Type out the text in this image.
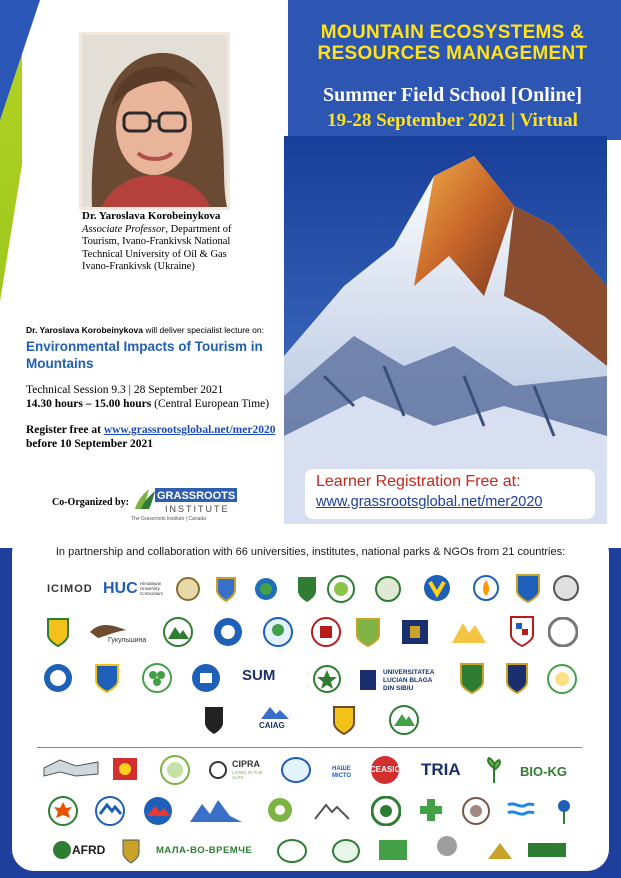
MOUNTAIN ECOSYSTEMS &
RESOURCES MANAGEMENT
Summer Field School [Online]
19-28 September 2021 | Virtual
Dr. Yaroslava Korobeinykova
Associate Professor, Department of
Tourism, Ivano-Frankivsk National
Technical University of Oil & Gas
Ivano-Frankivsk (Ukraine)
Dr. Yaroslava Korobeinykova will deliver specialist lecture on:
Environmental Impacts of Tourism in
Mountains
Technical Session 9.3 | 28 September 2021
14.30 hours – 15.00 hours (Central European Time)
Register free at www.grassrootsglobal.net/mer2020
before 10 September 2021
Co-Organized by:
GRASSROOTS
INSTITUTE
The Grassroots Institute | Canada
Learner Registration Free at:
www.grassrootsglobal.net/mer2020
In partnership and collaboration with 66 universities, institutes, national parks & NGOs from 21 countries:
ICIMOD HUC Himalayan University Consortium
Гукульшина
SUM	UNIVERSITATEA
LUCIAN BLAGA
DIN SIBIU
CAIAG
CIPRA
LIVING IN THE ALPS
НАШЕ МІСТО
CEASIG TRIA	BIO-KG
AFRD	МАЛА-ВО-ВРЕМЧЕ
